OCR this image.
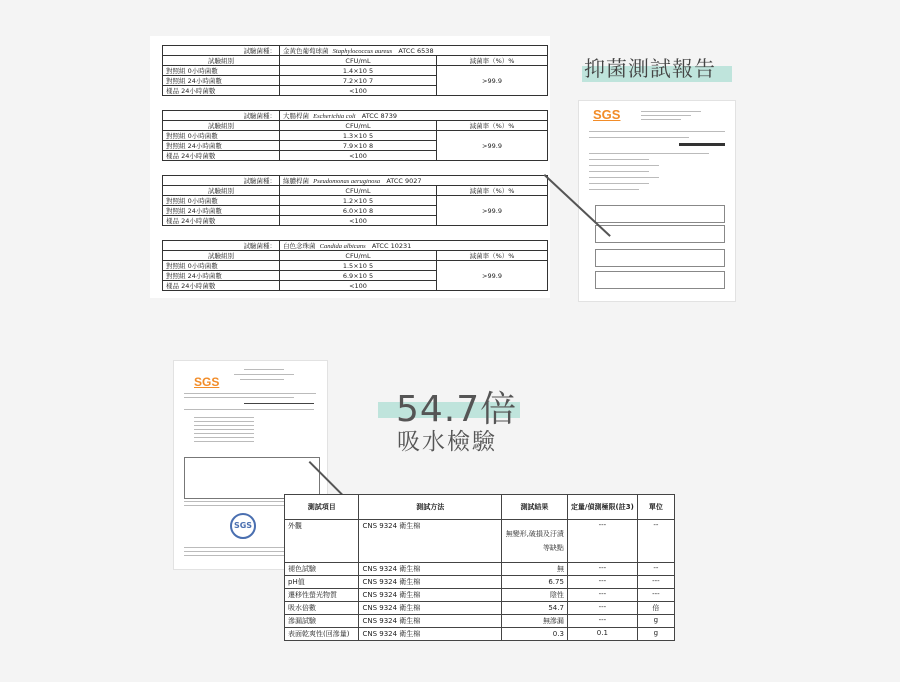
試驗菌種：	金黃色葡萄球菌 Staphylococcus aureus ATCC 6538	
試驗組別	CFU/mL	減菌率（%）%
對照組 0小時菌數	1.4×10 5	>99.9
對照組 24小時菌數	7.2×10 7	
樣品 24小時菌數	<100	
試驗菌種：	大腸桿菌 Escherichia coli ATCC 8739	
試驗組別	CFU/mL	減菌率（%）%
對照組 0小時菌數	1.3×10 5	>99.9
對照組 24小時菌數	7.9×10 8	
樣品 24小時菌數	<100	
試驗菌種：	綠膿桿菌 Pseudomonas aeruginosa ATCC 9027	
試驗組別	CFU/mL	減菌率（%）%
對照組 0小時菌數	1.2×10 5	>99.9
對照組 24小時菌數	6.0×10 8	
樣品 24小時菌數	<100	
試驗菌種：	白色念珠菌 Candida albicans ATCC 10231	
試驗組別	CFU/mL	減菌率（%）%
對照組 0小時菌數	1.5×10 5	>99.9
對照組 24小時菌數	6.9×10 5	
樣品 24小時菌數	<100	
SGS
抑菌測試報告
SGS
SGS
54.7倍
吸水檢驗
測試項目	測試方法	測試結果	定量/偵測極限(註3)	單位
外觀	CNS 9324 衛生棉	無變形,破損及汙漬等缺點	---	--
褪色試驗	CNS 9324 衛生棉	無	---	--
pH值	CNS 9324 衛生棉	6.75	---	---
遷移性螢光物質	CNS 9324 衛生棉	陰性	---	---
吸水倍數	CNS 9324 衛生棉	54.7	---	倍
滲漏試驗	CNS 9324 衛生棉	無滲漏	---	g
表面乾爽性(回滲量)	CNS 9324 衛生棉	0.3	0.1	g
